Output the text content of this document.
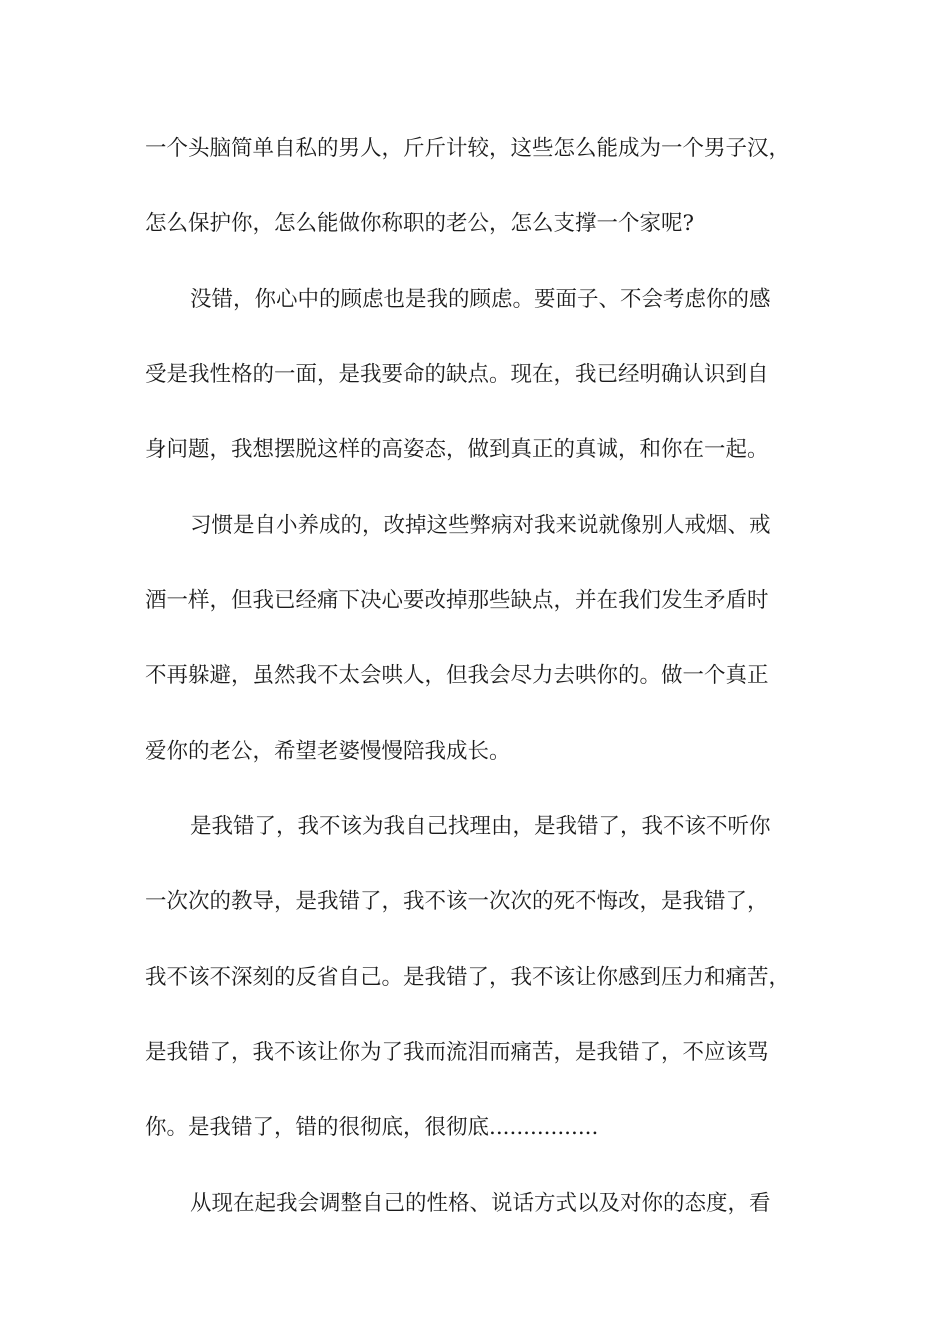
一个头脑简单自私的男人，斤斤计较，这些怎么能成为一个男子汉，
怎么保护你，怎么能做你称职的老公，怎么支撑一个家呢?
没错，你心中的顾虑也是我的顾虑。要面子、不会考虑你的感
受是我性格的一面，是我要命的缺点。现在，我已经明确认识到自
身问题，我想摆脱这样的高姿态，做到真正的真诚，和你在一起。
习惯是自小养成的，改掉这些弊病对我来说就像别人戒烟、戒
酒一样，但我已经痛下决心要改掉那些缺点，并在我们发生矛盾时
不再躲避，虽然我不太会哄人，但我会尽力去哄你的。做一个真正
爱你的老公，希望老婆慢慢陪我成长。
是我错了，我不该为我自己找理由，是我错了，我不该不听你
一次次的教导，是我错了，我不该一次次的死不悔改，是我错了，
我不该不深刻的反省自己。是我错了，我不该让你感到压力和痛苦，
是我错了，我不该让你为了我而流泪而痛苦，是我错了，不应该骂
你。是我错了，错的很彻底，很彻底................
从现在起我会调整自己的性格、说话方式以及对你的态度，看
